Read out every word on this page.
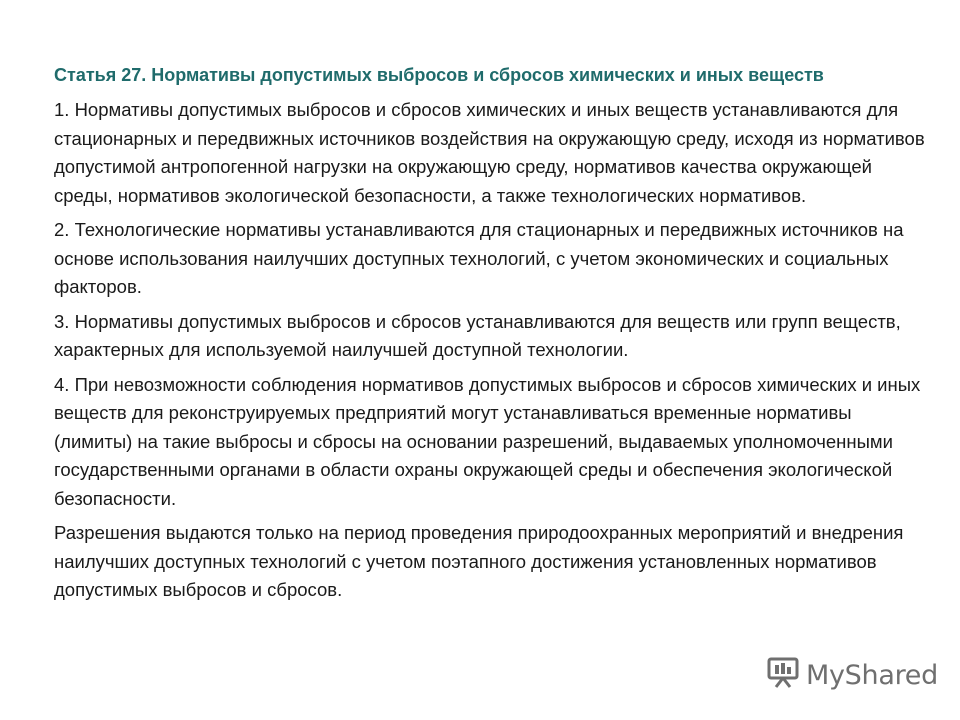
Статья 27. Нормативы допустимых выбросов и сбросов химических и иных веществ

1. Нормативы допустимых выбросов и сбросов химических и иных веществ устанавливаются для стационарных и передвижных источников воздействия на окружающую среду, исходя из нормативов допустимой антропогенной нагрузки на окружающую среду, нормативов качества окружающей среды, нормативов экологической безопасности, а также технологических нормативов.

2. Технологические нормативы устанавливаются для стационарных и передвижных источников на основе использования наилучших доступных технологий, с учетом экономических и социальных факторов.

3. Нормативы допустимых выбросов и сбросов устанавливаются для веществ или групп веществ, характерных для используемой наилучшей доступной технологии.

4. При невозможности соблюдения нормативов допустимых выбросов и сбросов химических и иных веществ для реконструируемых предприятий могут устанавливаться временные нормативы (лимиты) на такие выбросы и сбросы на основании разрешений, выдаваемых уполномоченными государственными органами в области охраны окружающей среды и обеспечения экологической безопасности.

Разрешения выдаются только на период проведения природоохранных мероприятий и внедрения наилучших доступных технологий с учетом поэтапного достижения установленных нормативов допустимых выбросов и сбросов.

MyShared
